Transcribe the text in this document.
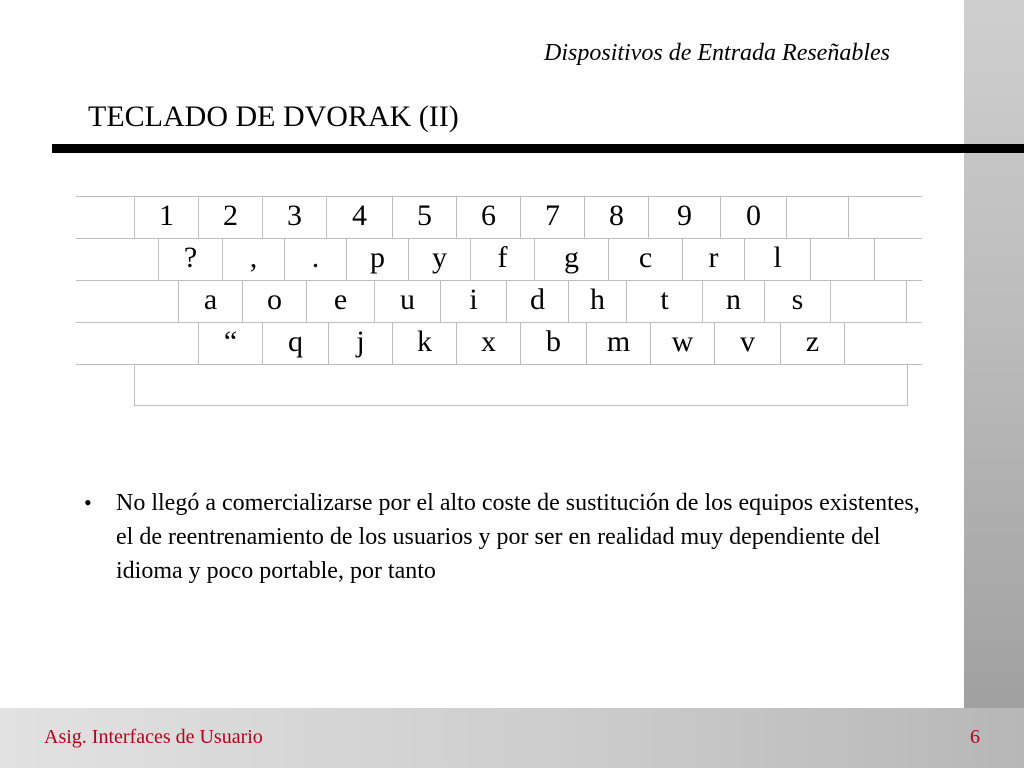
Dispositivos de Entrada Reseñables
TECLADO DE DVORAK (II)
1	2	3	4	5	6	7	8	9	0
?	,	.	p	y	f	g	c	r	l
a	o	e	u	i	d	h	t	n	s
“	q	j	k	x	b	m	w	v	z
• No llegó a comercializarse por el alto coste de sustitución de los equipos existentes, el de reentrenamiento de los usuarios y por ser en realidad muy dependiente del idioma y poco portable, por tanto
Asig. Interfaces de Usuario	6
